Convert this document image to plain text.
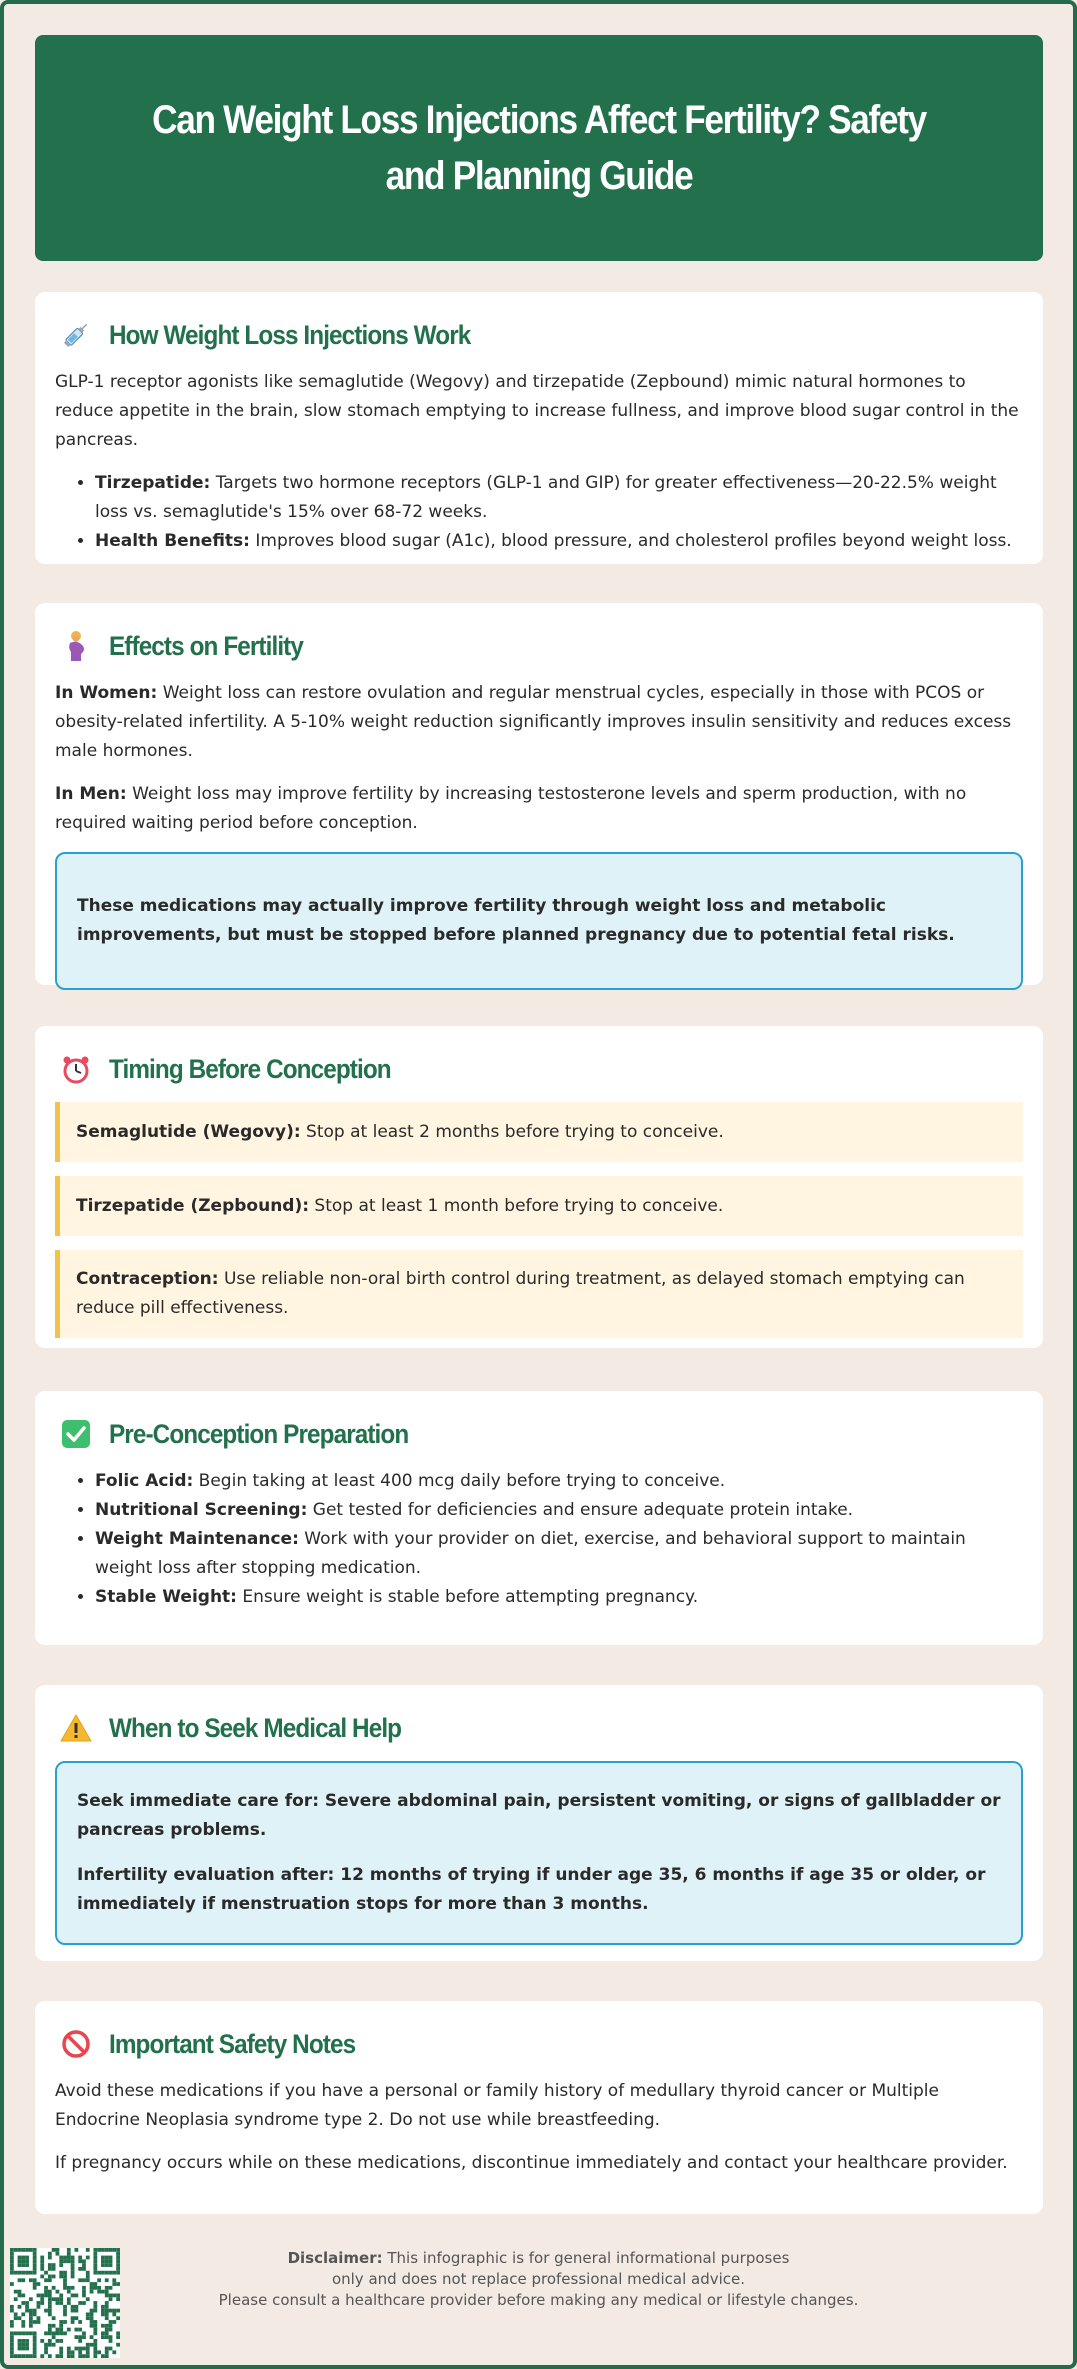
Can Weight Loss Injections Affect Fertility? Safety and Planning Guide
How Weight Loss Injections Work

GLP-1 receptor agonists like semaglutide (Wegovy) and tirzepatide (Zepbound) mimic natural hormones to reduce appetite in the brain, slow stomach emptying to increase fullness, and improve blood sugar control in the pancreas.

• Tirzepatide: Targets two hormone receptors (GLP-1 and GIP) for greater effectiveness—20-22.5% weight loss vs. semaglutide's 15% over 68-72 weeks.
• Health Benefits: Improves blood sugar (A1c), blood pressure, and cholesterol profiles beyond weight loss.
Effects on Fertility

In Women: Weight loss can restore ovulation and regular menstrual cycles, especially in those with PCOS or obesity-related infertility. A 5-10% weight reduction significantly improves insulin sensitivity and reduces excess male hormones.

In Men: Weight loss may improve fertility by increasing testosterone levels and sperm production, with no required waiting period before conception.

These medications may actually improve fertility through weight loss and metabolic improvements, but must be stopped before planned pregnancy due to potential fetal risks.

Timing Before Conception

Semaglutide (Wegovy): Stop at least 2 months before trying to conceive.

Tirzepatide (Zepbound): Stop at least 1 month before trying to conceive.

Contraception: Use reliable non-oral birth control during treatment, as delayed stomach emptying can reduce pill effectiveness.

Pre-Conception Preparation
• Folic Acid: Begin taking at least 400 mcg daily before trying to conceive.
• Nutritional Screening: Get tested for deficiencies and ensure adequate protein intake.
• Weight Maintenance: Work with your provider on diet, exercise, and behavioral support to maintain weight loss after stopping medication.
• Stable Weight: Ensure weight is stable before attempting pregnancy.
When to Seek Medical Help

Seek immediate care for: Severe abdominal pain, persistent vomiting, or signs of gallbladder or pancreas problems.

Infertility evaluation after: 12 months of trying if under age 35, 6 months if age 35 or older, or immediately if menstruation stops for more than 3 months.

Important Safety Notes

Avoid these medications if you have a personal or family history of medullary thyroid cancer or Multiple Endocrine Neoplasia syndrome type 2. Do not use while breastfeeding.

If pregnancy occurs while on these medications, discontinue immediately and contact your healthcare provider.

Disclaimer: This infographic is for general informational purposes
only and does not replace professional medical advice.
Please consult a healthcare provider before making any medical or lifestyle changes.
